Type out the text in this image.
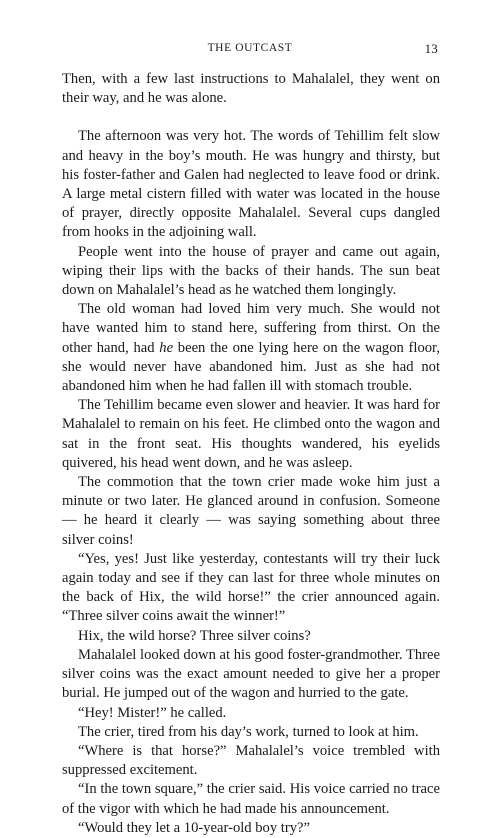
THE OUTCAST	13

Then, with a few last instructions to Mahalalel, they went on their way, and he was alone.

The afternoon was very hot. The words of Tehillim felt slow and heavy in the boy’s mouth. He was hungry and thirsty, but his foster-father and Galen had neglected to leave food or drink. A large metal cistern filled with water was located in the house of prayer, directly opposite Mahalalel. Several cups dangled from hooks in the adjoining wall.

People went into the house of prayer and came out again, wiping their lips with the backs of their hands. The sun beat down on Mahalalel’s head as he watched them longingly.

The old woman had loved him very much. She would not have wanted him to stand here, suffering from thirst. On the other hand, had he been the one lying here on the wagon floor, she would never have abandoned him. Just as she had not abandoned him when he had fallen ill with stomach trouble.

The Tehillim became even slower and heavier. It was hard for Mahalalel to remain on his feet. He climbed onto the wagon and sat in the front seat. His thoughts wandered, his eyelids quivered, his head went down, and he was asleep.

The commotion that the town crier made woke him just a minute or two later. He glanced around in confusion. Someone — he heard it clearly — was saying something about three silver coins!

“Yes, yes! Just like yesterday, contestants will try their luck again today and see if they can last for three whole minutes on the back of Hix, the wild horse!” the crier announced again. “Three silver coins await the winner!”

Hix, the wild horse? Three silver coins?

Mahalalel looked down at his good foster-grandmother. Three silver coins was the exact amount needed to give her a proper burial. He jumped out of the wagon and hurried to the gate.

“Hey! Mister!” he called.

The crier, tired from his day’s work, turned to look at him.

“Where is that horse?” Mahalalel’s voice trembled with suppressed excitement.

“In the town square,” the crier said. His voice carried no trace of the vigor with which he had made his announcement.

“Would they let a 10-year-old boy try?”
